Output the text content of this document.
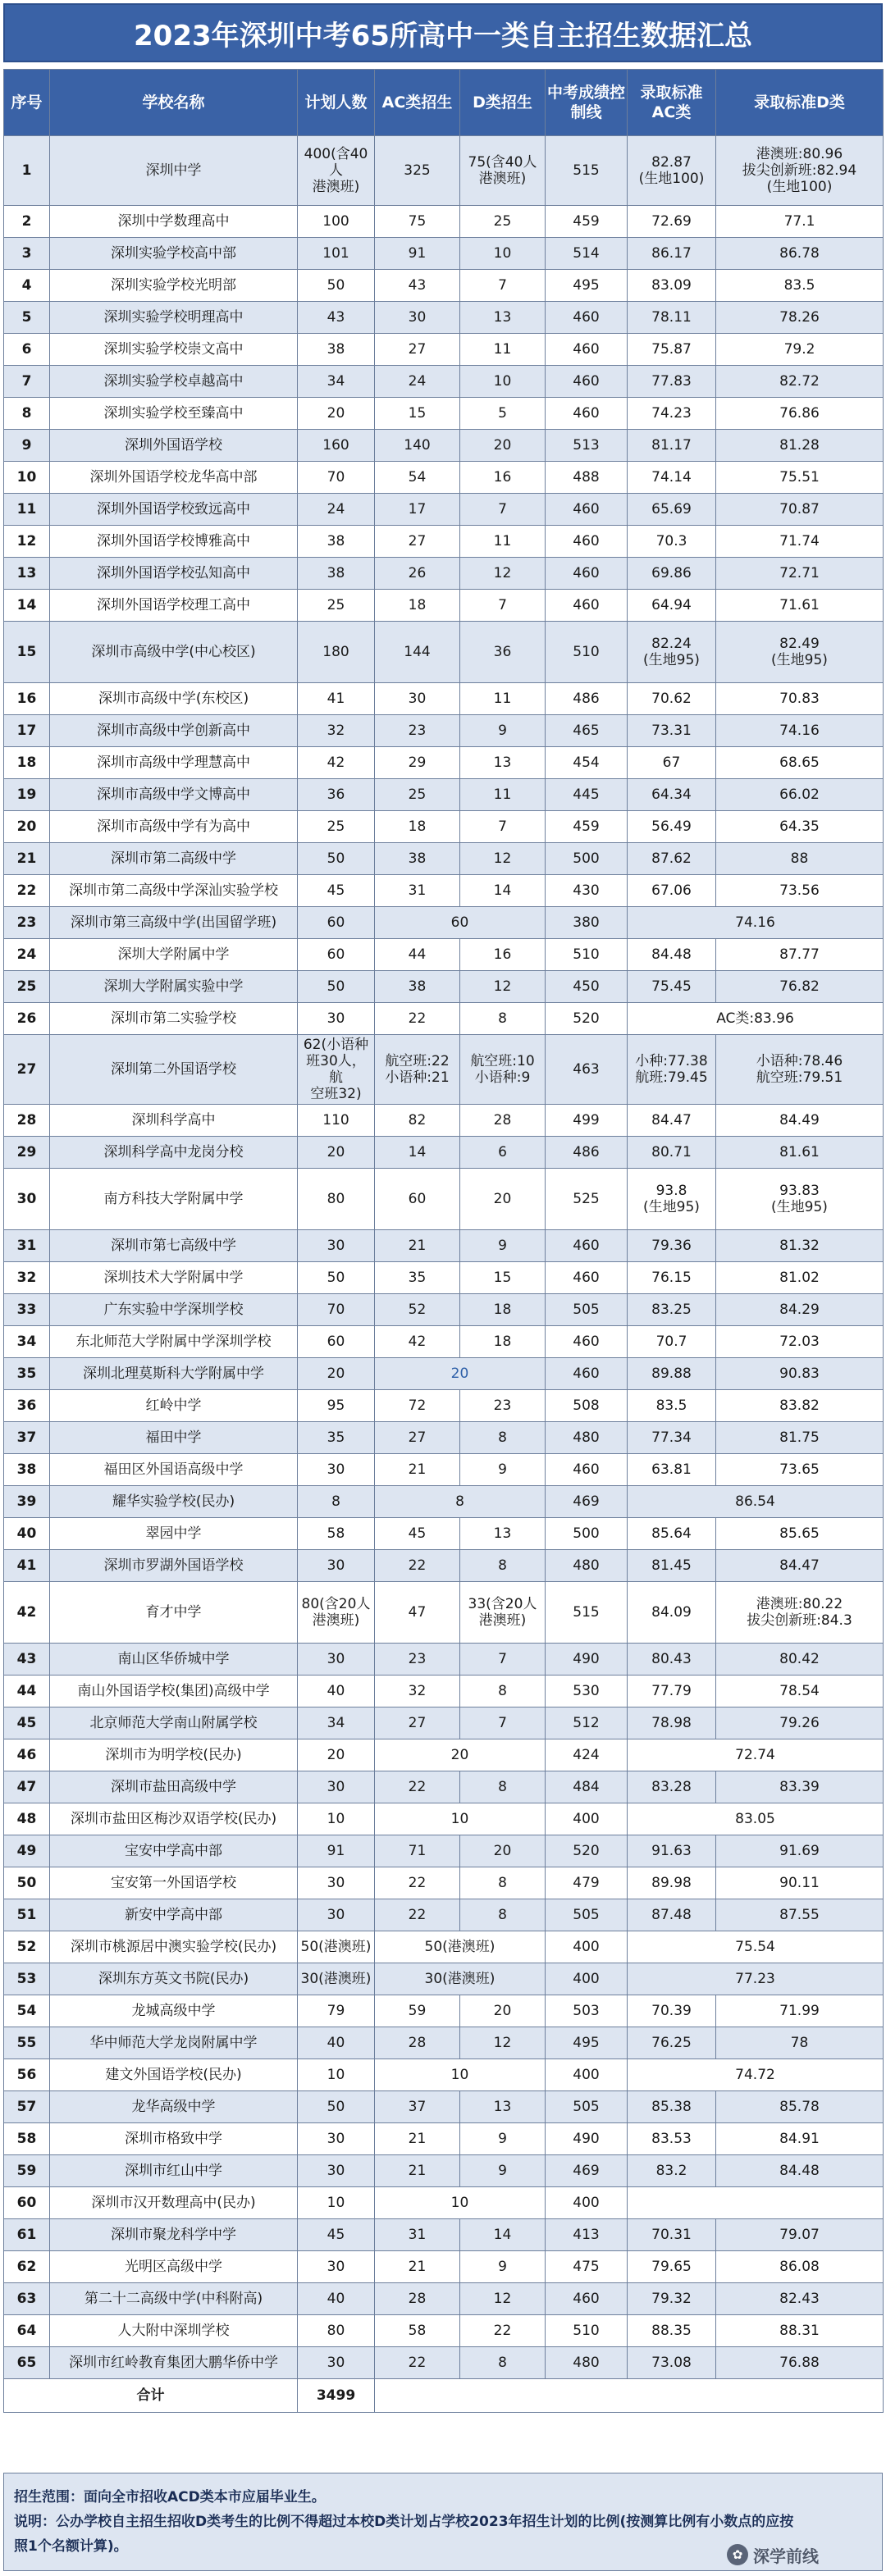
2023年深圳中考65所高中一类自主招生数据汇总
序号	学校名称	计划人数	AC类招生	D类招生	中考成绩控制线	录取标准AC类	录取标准D类
1	深圳中学	400(含40人
港澳班)	325	75(含40人
港澳班)	515	82.87
(生地100)	港澳班:80.96
拔尖创新班:82.94
(生地100)

2	深圳中学数理高中	100	75	25	459	72.69	77.1
3	深圳实验学校高中部	101	91	10	514	86.17	86.78
4	深圳实验学校光明部	50	43	7	495	83.09	83.5
5	深圳实验学校明理高中	43	30	13	460	78.11	78.26
6	深圳实验学校崇文高中	38	27	11	460	75.87	79.2
7	深圳实验学校卓越高中	34	24	10	460	77.83	82.72
8	深圳实验学校至臻高中	20	15	5	460	74.23	76.86
9	深圳外国语学校	160	140	20	513	81.17	81.28
10	深圳外国语学校龙华高中部	70	54	16	488	74.14	75.51
11	深圳外国语学校致远高中	24	17	7	460	65.69	70.87
12	深圳外国语学校博雅高中	38	27	11	460	70.3	71.74
13	深圳外国语学校弘知高中	38	26	12	460	69.86	72.71
14	深圳外国语学校理工高中	25	18	7	460	64.94	71.61
15	深圳市高级中学(中心校区)	180	144	36	510	82.24
(生地95)	82.49
(生地95)

16	深圳市高级中学(东校区)	41	30	11	486	70.62	70.83
17	深圳市高级中学创新高中	32	23	9	465	73.31	74.16
18	深圳市高级中学理慧高中	42	29	13	454	67	68.65
19	深圳市高级中学文博高中	36	25	11	445	64.34	66.02
20	深圳市高级中学有为高中	25	18	7	459	56.49	64.35
21	深圳市第二高级中学	50	38	12	500	87.62	88
22	深圳市第二高级中学深汕实验学校	45	31	14	430	67.06	73.56
23	深圳市第三高级中学(出国留学班)	60	60		380	74.16	
24	深圳大学附属中学	60	44	16	510	84.48	87.77
25	深圳大学附属实验中学	50	38	12	450	75.45	76.82
26	深圳市第二实验学校	30	22	8	520	AC类:83.96	
27	深圳第二外国语学校	62(小语种
班30人，航
空班32)	航空班:22
小语种:21	航空班:10
小语种:9	463	小种:77.38
航班:79.45	小语种:78.46
航空班:79.51

28	深圳科学高中	110	82	28	499	84.47	84.49
29	深圳科学高中龙岗分校	20	14	6	486	80.71	81.61
30	南方科技大学附属中学	80	60	20	525	93.8
(生地95)	93.83
(生地95)

31	深圳市第七高级中学	30	21	9	460	79.36	81.32
32	深圳技术大学附属中学	50	35	15	460	76.15	81.02
33	广东实验中学深圳学校	70	52	18	505	83.25	84.29
34	东北师范大学附属中学深圳学校	60	42	18	460	70.7	72.03
35	深圳北理莫斯科大学附属中学	20	20		460	89.88	90.83
36	红岭中学	95	72	23	508	83.5	83.82
37	福田中学	35	27	8	480	77.34	81.75
38	福田区外国语高级中学	30	21	9	460	63.81	73.65
39	耀华实验学校(民办)	8	8		469	86.54	
40	翠园中学	58	45	13	500	85.64	85.65
41	深圳市罗湖外国语学校	30	22	8	480	81.45	84.47
42	育才中学	80(含20人
港澳班)	47	33(含20人
港澳班)	515	84.09	港澳班:80.22
拔尖创新班:84.3

43	南山区华侨城中学	30	23	7	490	80.43	80.42
44	南山外国语学校(集团)高级中学	40	32	8	530	77.79	78.54
45	北京师范大学南山附属学校	34	27	7	512	78.98	79.26
46	深圳市为明学校(民办)	20	20		424	72.74	
47	深圳市盐田高级中学	30	22	8	484	83.28	83.39
48	深圳市盐田区梅沙双语学校(民办)	10	10		400	83.05	
49	宝安中学高中部	91	71	20	520	91.63	91.69
50	宝安第一外国语学校	30	22	8	479	89.98	90.11
51	新安中学高中部	30	22	8	505	87.48	87.55
52	深圳市桃源居中澳实验学校(民办)	50(港澳班)	50(港澳班)		400	75.54	
53	深圳东方英文书院(民办)	30(港澳班)	30(港澳班)		400	77.23	
54	龙城高级中学	79	59	20	503	70.39	71.99
55	华中师范大学龙岗附属中学	40	28	12	495	76.25	78
56	建文外国语学校(民办)	10	10		400	74.72	
57	龙华高级中学	50	37	13	505	85.38	85.78
58	深圳市格致中学	30	21	9	490	83.53	84.91
59	深圳市红山中学	30	21	9	469	83.2	84.48
60	深圳市汉开数理高中(民办)	10	10		400		
61	深圳市聚龙科学中学	45	31	14	413	70.31	79.07
62	光明区高级中学	30	21	9	475	79.65	86.08
63	第二十二高级中学(中科附高)	40	28	12	460	79.32	82.43
64	人大附中深圳学校	80	58	22	510	88.35	88.31
65	深圳市红岭教育集团大鹏华侨中学	30	22	8	480	73.08	76.88
合计		3499					
招生范围：面向全市招收ACD类本市应届毕业生。
说明：公办学校自主招生招收D类考生的比例不得超过本校D类计划占学校2023年招生计划的比例(按测算比例有小数点的应按
照1个名额计算)。	✿ 深学前线
